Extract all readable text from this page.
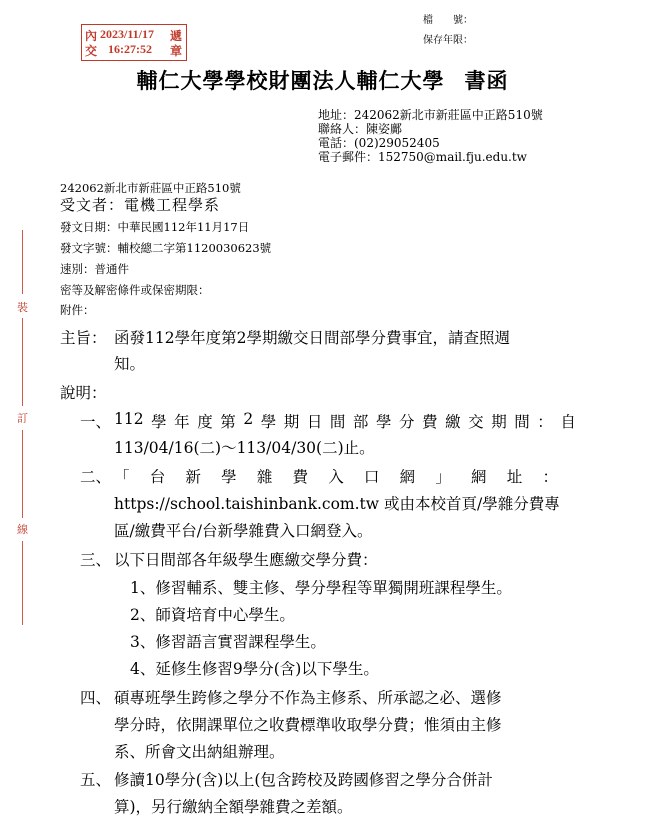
內
交
遞
章
2023/11/17
16:27:52
檔　　號：
保存年限：
輔仁大學學校財團法人輔仁大學 書函
地址：242062新北市新莊區中正路510號
聯絡人：陳姿鄺
電話：(02)29052405
電子郵件：152750@mail.fju.edu.tw
242062新北市新莊區中正路510號
受文者：電機工程學系
發文日期：中華民國112年11月17日
發文字號：輔校總二字第1120030623號
速別：普通件
密等及解密條件或保密期限：
附件：
裝
訂
線
主旨： 函發112學年度第2學期繳交日間部學分費事宜，請查照週
知。
說明：
一、 112 學 年 度 第 2 學 期 日 間 部 學 分 費 繳 交 期 間 ： 自
113/04/16(二)～113/04/30(二)止。
二、 「 台 新 學 雜 費 入 口 網 」 網 址 ：
https://school.taishinbank.com.tw 或由本校首頁/學雜分費專
區/繳費平台/台新學雜費入口網登入。
三、 以下日間部各年級學生應繳交學分費：
1、修習輔系、雙主修、學分學程等單獨開班課程學生。
2、師資培育中心學生。
3、修習語言實習課程學生。
4、延修生修習9學分(含)以下學生。
四、 碩專班學生跨修之學分不作為主修系、所承認之必、選修
學分時，依開課單位之收費標準收取學分費；惟須由主修
系、所會文出納組辦理。
五、 修讀10學分(含)以上(包含跨校及跨國修習之學分合併計
算)，另行繳納全額學雜費之差額。
